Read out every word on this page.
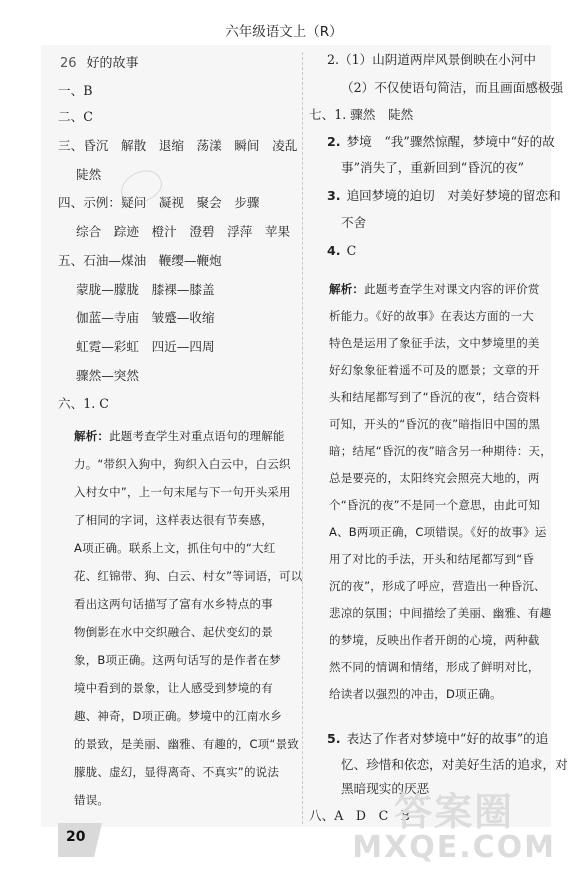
六年级语文上（R）
26 好的故事
一、B
二、C
三、昏沉　解散　退缩　荡漾　瞬间　凌乱
陡然
四、示例：疑问　凝视　聚会　步骤
综合　踪迹　橙汁　澄碧　浮萍　苹果
五、石油—煤油　鞭缨—鞭炮
蒙胧—朦胧　膝裸—膝盖
伽蓝—寺庙　皱蹙—收缩
虹霓—彩虹　四近—四周
骤然—突然
六、1. C
解析：此题考查学生对重点语句的理解能
力。“带织入狗中，狗织入白云中，白云织
入村女中”，上一句末尾与下一句开头采用
了相同的字词，这样表达很有节奏感，
A项正确。联系上文，抓住句中的“大红
花、红锦带、狗、白云、村女”等词语，可以
看出这两句话描写了富有水乡特点的事
物倒影在水中交织融合、起伏变幻的景
象，B项正确。这两句话写的是作者在梦
境中看到的景象，让人感受到梦境的有
趣、神奇，D项正确。梦境中的江南水乡
的景致，是美丽、幽雅、有趣的，C项“景致
朦胧、虚幻，显得离奇、不真实”的说法
错误。
2.（1）山阴道两岸风景倒映在小河中
（2）不仅使语句简洁，而且画面感极强
七、1. 骤然　陡然
2. 梦境　“我”骤然惊醒，梦境中“好的故
事”消失了，重新回到“昏沉的夜”
3. 追回梦境的迫切　对美好梦境的留恋和
不舍
4. C
解析：此题考查学生对课文内容的评价赏
析能力。《好的故事》在表达方面的一大
特色是运用了象征手法，文中梦境里的美
好幻象象征着遥不可及的愿景；文章的开
头和结尾都写到了“昏沉的夜”，结合资料
可知，开头的“昏沉的夜”暗指旧中国的黑
暗；结尾“昏沉的夜”暗含另一种期待：天，
总是要亮的，太阳终究会照亮大地的，两
个“昏沉的夜”不是同一个意思，由此可知
A、B两项正确，C项错误。《好的故事》运
用了对比的手法，开头和结尾都写到“昏
沉的夜”，形成了呼应，营造出一种昏沉、
悲凉的氛围；中间描绘了美丽、幽雅、有趣
的梦境，反映出作者开朗的心境，两种截
然不同的情调和情绪，形成了鲜明对比，
给读者以强烈的冲击，D项正确。
5. 表达了作者对梦境中“好的故事”的追
忆、珍惜和依恋，对美好生活的追求，对
黑暗现实的厌恶
八、A　D　C　B
20
答案圈
MXQE.COM
